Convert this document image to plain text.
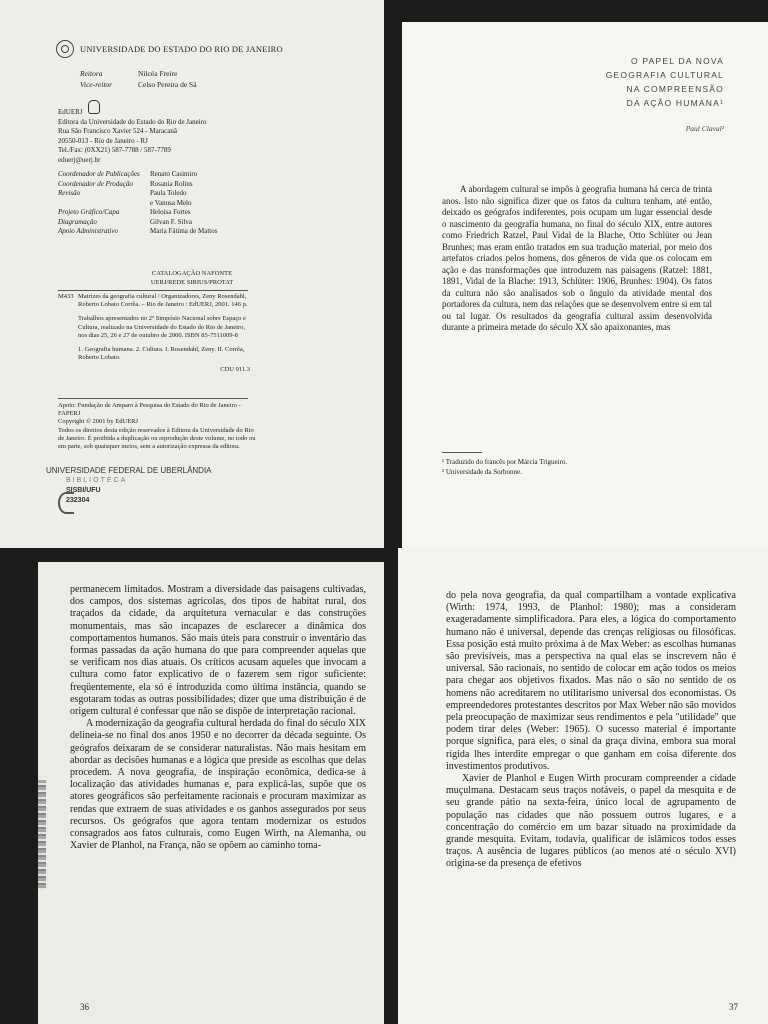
UNIVERSIDADE DO ESTADO DO RIO DE JANEIRO
Reitora	Nilcéa Freire
Vice-reitor	Celso Pereira de Sá
EdUERJ
Editora da Universidade do Estado do Rio de Janeiro
Rua São Francisco Xavier 524 - Maracanã
20550-013 - Rio de Janeiro - RJ
Tel./Fax: (0XX21) 587-7788 / 587-7789
eduerj@uerj.br
Coordenador de Publicações	Renato Casimiro
Coordenador de Produção	Rosania Rolins
Revisão	Paula Toledo
e Vanusa Melo
Projeto Gráfico/Capa	Heloisa Fortes
Diagramação	Gilvan F. Silva
Apoio Administrativo	Maria Fátima de Mattos
CATALOGAÇÃO NAFONTE
UERJ/REDE SIRIUS/PROTAT
M433 Matrizes da geografia cultural / Organizadores, Zeny Rosendahl, Roberto Lobato Corrêa. – Rio de Janeiro : EdUERJ, 2001. 146 p.

Trabalhos apresentados no 2º Simpósio Nacional sobre Espaço e Cultura, realizado na Universidade do Estado do Rio de Janeiro, nos dias 25, 26 e 27 de outubro de 2000. ISBN 85-7511009-8

1. Geografia humana. 2. Cultura. I. Rosendahl, Zeny. II. Corrêa, Roberto Lobato.

CDU 911.3
Apoio: Fundação de Amparo à Pesquisa do Estado do Rio de Janeiro - FAPERJ
Copyright © 2001 by EdUERJ
Todos os direitos desta edição reservados à Editora da Universidade do Rio de Janeiro. É proibida a duplicação ou reprodução deste volume, no todo ou em parte, sob quaisquer meios, sem a autorização expressa da editora.
UNIVERSIDADE FEDERAL DE UBERLÂNDIA
BIBLIOTECA
SISBI/UFU
232304
O PAPEL DA NOVA
GEOGRAFIA CULTURAL
NA COMPREENSÃO
DA AÇÃO HUMANA¹
Paul Claval²
A abordagem cultural se impôs à geografia humana há cerca de trinta anos. Isto não significa dizer que os fatos da cultura tenham, até então, deixado os geógrafos indiferentes, pois ocupam um lugar essencial desde o nascimento da geografia humana, no final do século XIX, entre autores como Friedrich Ratzel, Paul Vidal de la Blache, Otto Schlüter ou Jean Brunhes; mas eram então tratados em sua tradução material, por meio dos artefatos criados pelos homens, dos gêneros de vida que os colocam em ação e das transformações que introduzem nas paisagens (Ratzel: 1881, 1891, Vidal de la Blache: 1913, Schlüter: 1906, Brunhes: 1904). Os fatos da cultura não são analisados sob o ângulo da atividade mental dos portadores da cultura, nem das relações que se desenvolvem entre si em tal ou tal lugar. Os resultados da geografia cultural assim desenvolvida durante a primeira metade do século XX são apaixonantes, mas
¹ Traduzido do francês por Márcia Trigueiro.
² Universidade da Sorbonne.

permanecem limitados. Mostram a diversidade das paisagens cultivadas, dos campos, dos sistemas agrícolas, dos tipos de habitat rural, dos traçados da cidade, da arquitetura vernacular e das construções monumentais, mas são incapazes de esclarecer a dinâmica dos comportamentos humanos. São mais úteis para construir o inventário das formas passadas da ação humana do que para compreender aquelas que se verificam nos dias atuais. Os críticos acusam aqueles que invocam a cultura como fator explicativo de o fazerem sem rigor suficiente: freqüentemente, ela só é introduzida como última instância, quando se esgotaram todas as outras possibilidades; dizer que uma distribuição é de origem cultural é confessar que não se dispõe de interpretação racional.

A modernização da geografia cultural herdada do final do século XIX delineia-se no final dos anos 1950 e no decorrer da década seguinte. Os geógrafos deixaram de se considerar naturalistas. Não mais hesitam em abordar as decisões humanas e a lógica que preside as escolhas que delas procedem. A nova geografia, de inspiração econômica, dedica-se à localização das atividades humanas e, para explicá-las, supõe que os atores geográficos são perfeitamente racionais e procuram maximizar as rendas que extraem de suas atividades e os ganhos assegurados por seus recursos. Os geógrafos que agora tentam modernizar os estudos consagrados aos fatos culturais, como Eugen Wirth, na Alemanha, ou Xavier de Planhol, na França, não se opõem ao caminho toma-

36

do pela nova geografia, da qual compartilham a vontade explicativa (Wirth: 1974, 1993, de Planhol: 1980); mas a consideram exageradamente simplificadora. Para eles, a lógica do comportamento humano não é universal, depende das crenças religiosas ou filosóficas. Essa posição está muito próxima à de Max Weber: as escolhas humanas são previsíveis, mas a perspectiva na qual elas se inscrevem não é universal. São racionais, no sentido de colocar em ação todos os meios para chegar aos objetivos fixados. Mas não o são no sentido de os homens não acreditarem no utilitarismo universal dos economistas. Os empreendedores protestantes descritos por Max Weber não são movidos pela preocupação de maximizar seus rendimentos e pela "utilidade" que podem tirar deles (Weber: 1965). O sucesso material é importante porque significa, para eles, o sinal da graça divina, embora sua moral rígida lhes interdite empregar o que ganham em coisa diferente dos investimentos produtivos.

Xavier de Planhol e Eugen Wirth procuram compreender a cidade muçulmana. Destacam seus traços notáveis, o papel da mesquita e de seu grande pátio na sexta-feira, único local de agrupamento de população nas cidades que não possuem outros lugares, e a concentração do comércio em um bazar situado na proximidade da grande mesquita. Evitam, todavia, qualificar de islâmicos todos esses traços. A ausência de lugares públicos (ao menos até o século XVI) origina-se da presença de efetivos

37
